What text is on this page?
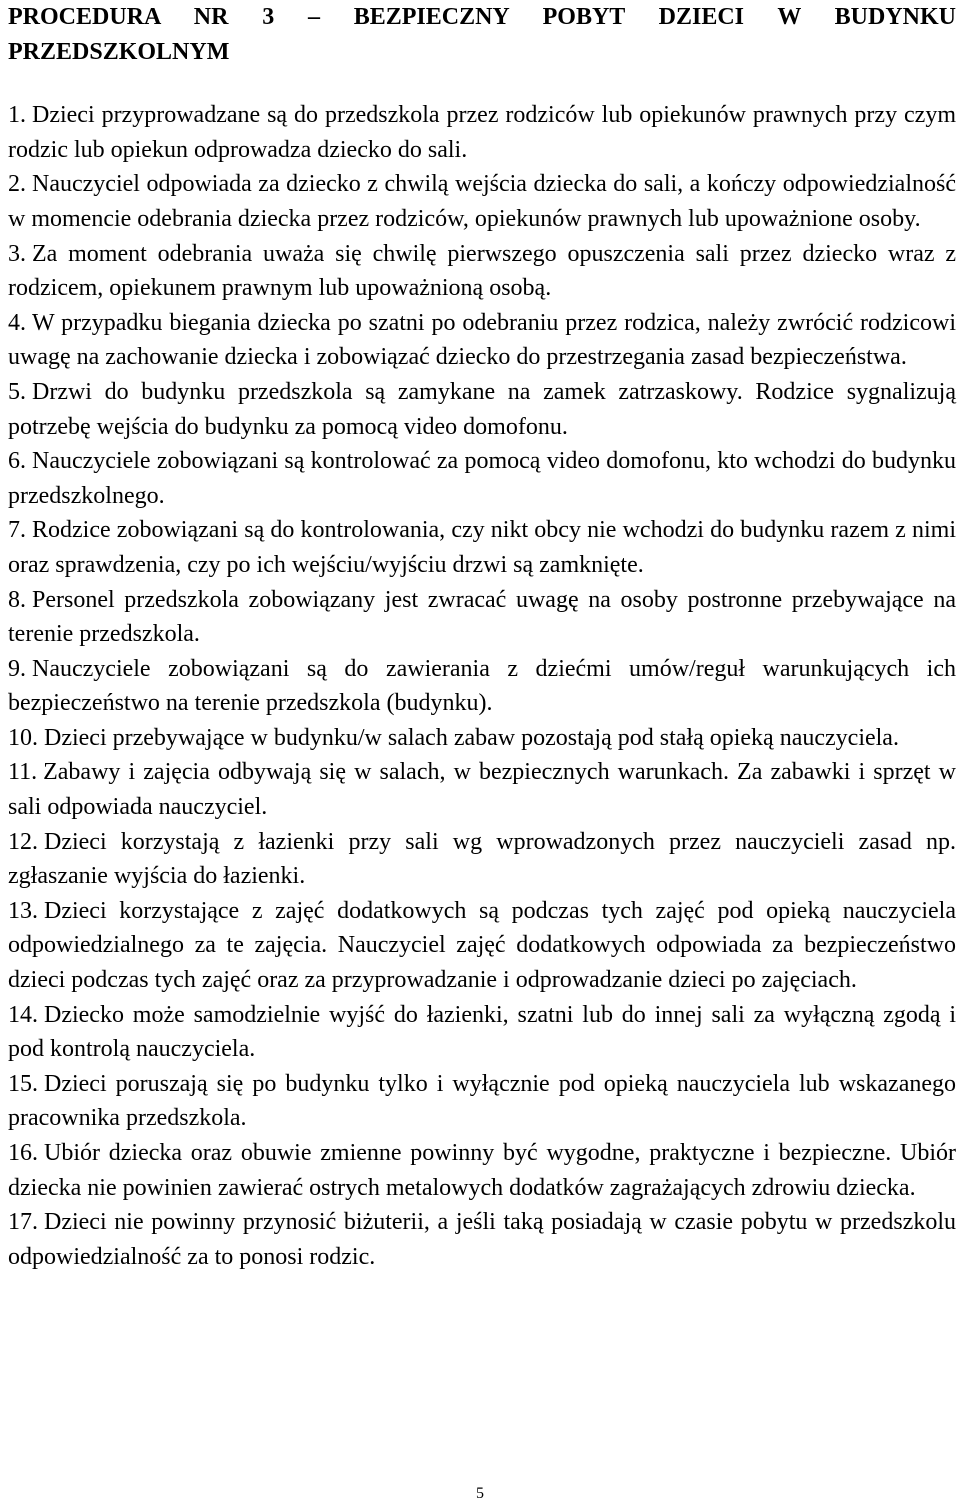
PROCEDURA NR 3 – BEZPIECZNY POBYT DZIECI W BUDYNKU PRZEDSZKOLNYM
1. Dzieci przyprowadzane są do przedszkola przez rodziców lub opiekunów prawnych przy czym rodzic lub opiekun odprowadza dziecko do sali.
2. Nauczyciel odpowiada za dziecko z chwilą wejścia dziecka do sali, a kończy odpowiedzialność w momencie odebrania dziecka przez rodziców, opiekunów prawnych lub upoważnione osoby.
3. Za moment odebrania uważa się chwilę pierwszego opuszczenia sali przez dziecko wraz z rodzicem, opiekunem prawnym lub upoważnioną osobą.
4. W przypadku biegania dziecka po szatni po odebraniu przez rodzica, należy zwrócić rodzicowi uwagę na zachowanie dziecka i zobowiązać dziecko do przestrzegania zasad bezpieczeństwa.
5. Drzwi do budynku przedszkola są zamykane na zamek zatrzaskowy. Rodzice sygnalizują potrzebę wejścia do budynku za pomocą video domofonu.
6. Nauczyciele zobowiązani są kontrolować za pomocą video domofonu, kto wchodzi do budynku przedszkolnego.
7. Rodzice zobowiązani są do kontrolowania, czy nikt obcy nie wchodzi do budynku razem z nimi oraz sprawdzenia, czy po ich wejściu/wyjściu drzwi są zamknięte.
8. Personel przedszkola zobowiązany jest zwracać uwagę na osoby postronne przebywające na terenie przedszkola.
9. Nauczyciele zobowiązani są do zawierania z dziećmi umów/reguł warunkujących ich bezpieczeństwo na terenie przedszkola (budynku).
10. Dzieci przebywające w budynku/w salach zabaw pozostają pod stałą opieką nauczyciela.
11. Zabawy i zajęcia odbywają się w salach, w bezpiecznych warunkach. Za zabawki i sprzęt w sali odpowiada nauczyciel.
12. Dzieci korzystają z łazienki przy sali wg wprowadzonych przez nauczycieli zasad np. zgłaszanie wyjścia do łazienki.
13. Dzieci korzystające z zajęć dodatkowych są podczas tych zajęć pod opieką nauczyciela odpowiedzialnego za te zajęcia. Nauczyciel zajęć dodatkowych odpowiada za bezpieczeństwo dzieci podczas tych zajęć oraz za przyprowadzanie i odprowadzanie dzieci po zajęciach.
14. Dziecko może samodzielnie wyjść do łazienki, szatni lub do innej sali za wyłączną zgodą i pod kontrolą nauczyciela.
15. Dzieci poruszają się po budynku tylko i wyłącznie pod opieką nauczyciela lub wskazanego pracownika przedszkola.
16. Ubiór dziecka oraz obuwie zmienne powinny być wygodne, praktyczne i bezpieczne. Ubiór dziecka nie powinien zawierać ostrych metalowych dodatków zagrażających zdrowiu dziecka.
17. Dzieci nie powinny przynosić biżuterii, a jeśli taką posiadają w czasie pobytu w przedszkolu odpowiedzialność za to ponosi rodzic.
5
